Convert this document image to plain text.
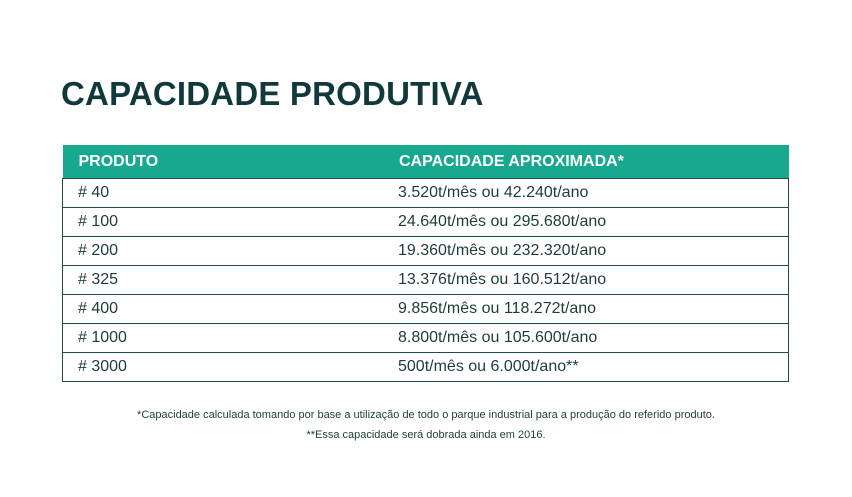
CAPACIDADE PRODUTIVA
PRODUTO	CAPACIDADE APROXIMADA*
# 40	3.520t/mês ou 42.240t/ano
# 100	24.640t/mês ou 295.680t/ano
# 200	19.360t/mês ou 232.320t/ano
# 325	13.376t/mês ou 160.512t/ano
# 400	9.856t/mês ou 118.272t/ano
# 1000	8.800t/mês ou 105.600t/ano
# 3000	500t/mês ou 6.000t/ano**

*Capacidade calculada tomando por base a utilização de todo o parque industrial para a produção do referido produto.

**Essa capacidade será dobrada ainda em 2016.
